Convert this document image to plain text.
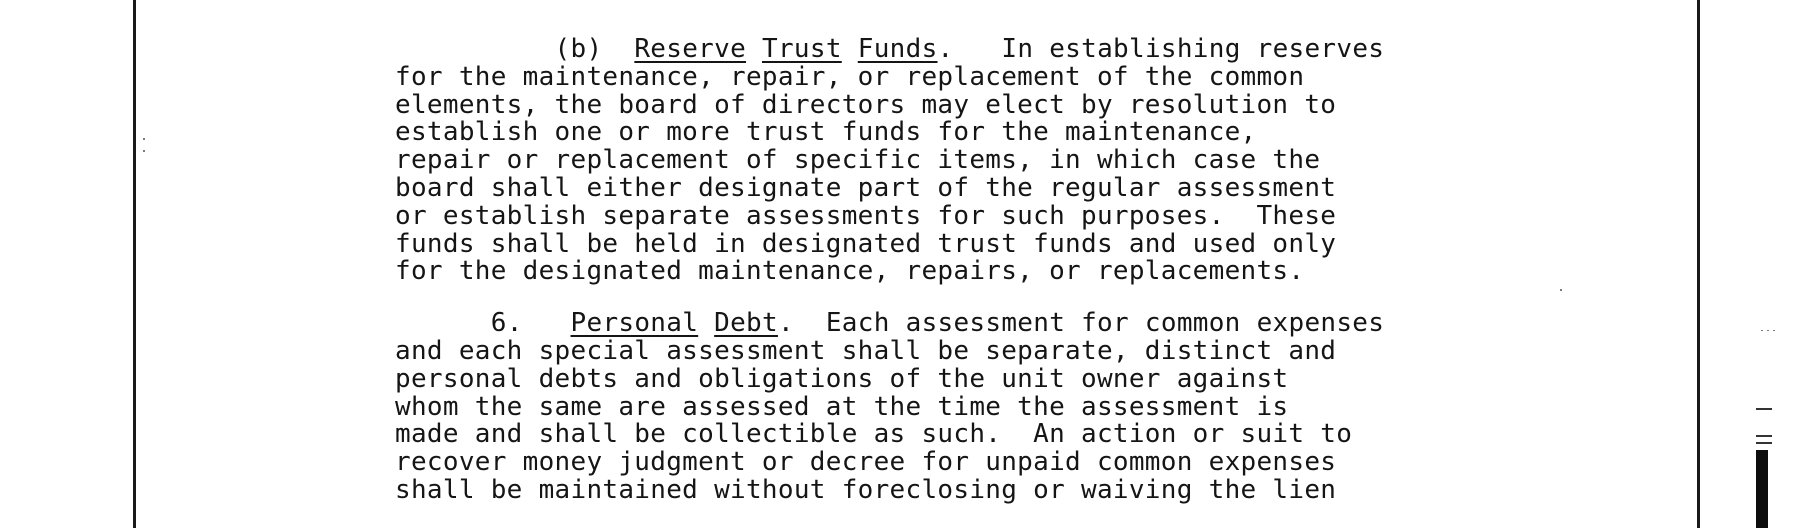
(b) Reserve Trust Funds.   In establishing reserves
for the maintenance, repair, or replacement of the common
elements, the board of directors may elect by resolution to
establish one or more trust funds for the maintenance,
repair or replacement of specific items, in which case the
board shall either designate part of the regular assessment
or establish separate assessments for such purposes.  These
funds shall be held in designated trust funds and used only
for the designated maintenance, repairs, or replacements.
6. Personal Debt.  Each assessment for common expenses
and each special assessment shall be separate, distinct and
personal debts and obligations of the unit owner against
whom the same are assessed at the time the assessment is
made and shall be collectible as such.  An action or suit to
recover money judgment or decree for unpaid common expenses
shall be maintained without foreclosing or waiving the lien
